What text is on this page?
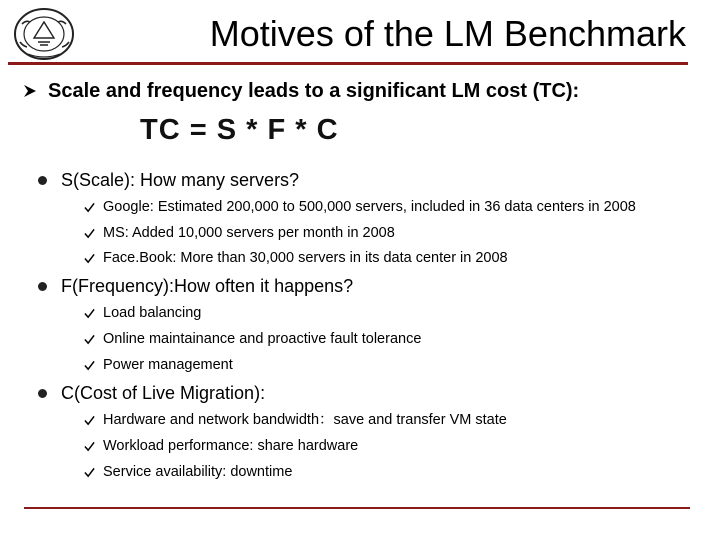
Motives of the LM Benchmark
Scale and frequency leads to a significant LM cost (TC):
TC = S * F * C
S(Scale): How many servers?
Google: Estimated 200,000 to 500,000 servers, included in 36 data centers in 2008
MS: Added 10,000 servers per month in 2008
Face.Book: More than 30,000 servers in its data center in 2008
F(Frequency):How often it happens?
Load balancing
Online maintainance and proactive fault tolerance
Power management
C(Cost of Live Migration):
Hardware and network bandwidth：save and transfer VM state
Workload performance: share hardware
Service availability: downtime
